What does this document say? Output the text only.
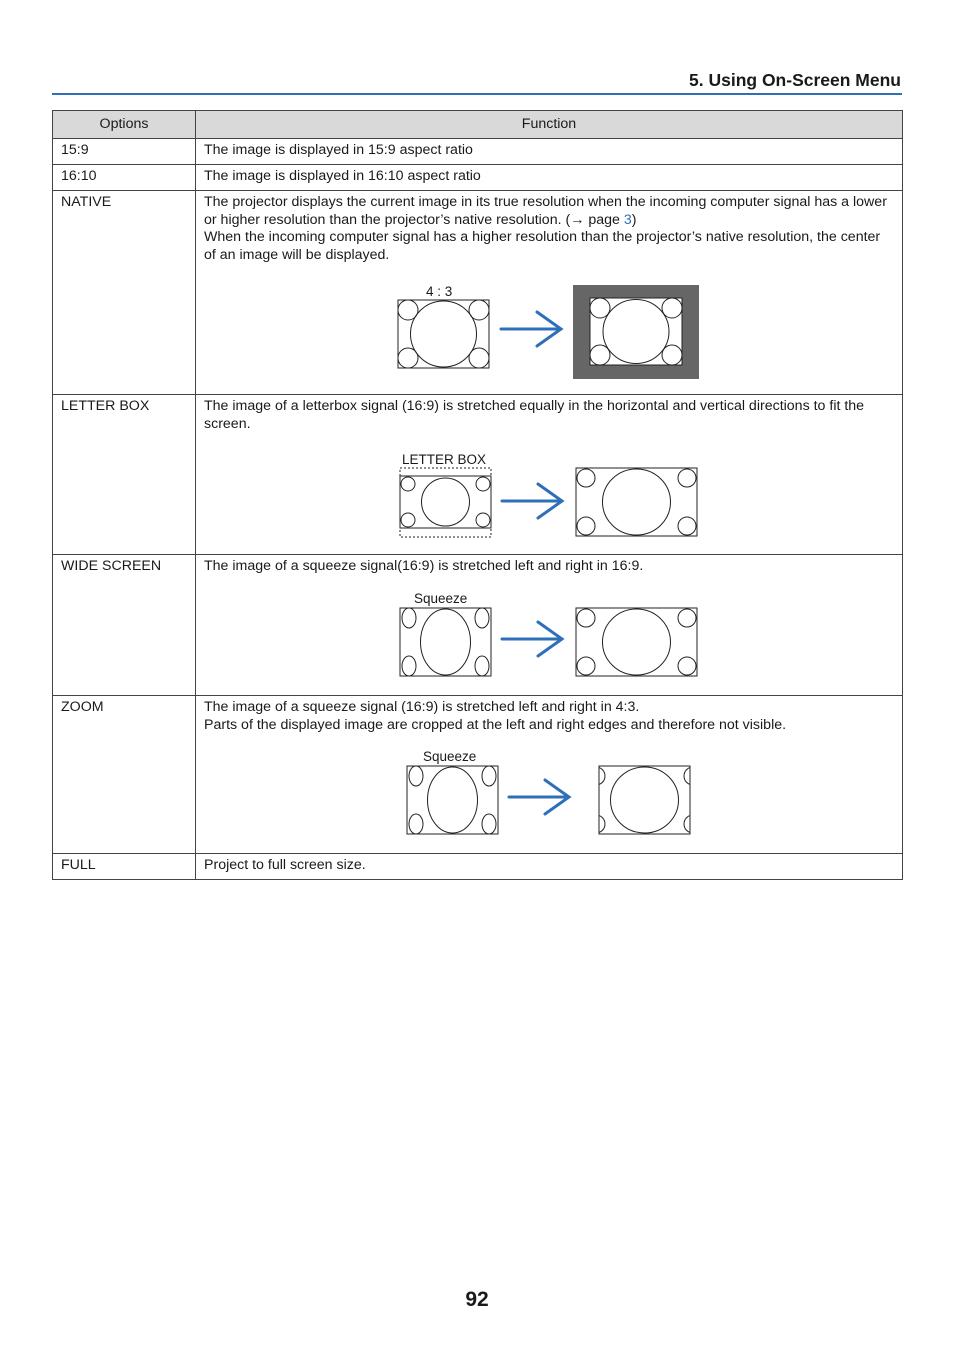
5. Using On-Screen Menu
Options	Function
15:9	The image is displayed in 15:9 aspect ratio
16:10	The image is displayed in 16:10 aspect ratio
NATIVE	The projector displays the current image in its true resolution when the incoming computer signal has a lower or higher resolution than the projector’s native resolution. (→ page 3)
When the incoming computer signal has a higher resolution than the projector’s native resolution, the center of an image will be displayed.
4 : 3

LETTER BOX	The image of a letterbox signal (16:9) is stretched equally in the horizontal and vertical directions to fit the screen.
LETTER BOX

WIDE SCREEN	The image of a squeeze signal(16:9) is stretched left and right in 16:9.
Squeeze

ZOOM	The image of a squeeze signal (16:9) is stretched left and right in 4:3.
Parts of the displayed image are cropped at the left and right edges and therefore not visible.
Squeeze

FULL	Project to full screen size.
92
